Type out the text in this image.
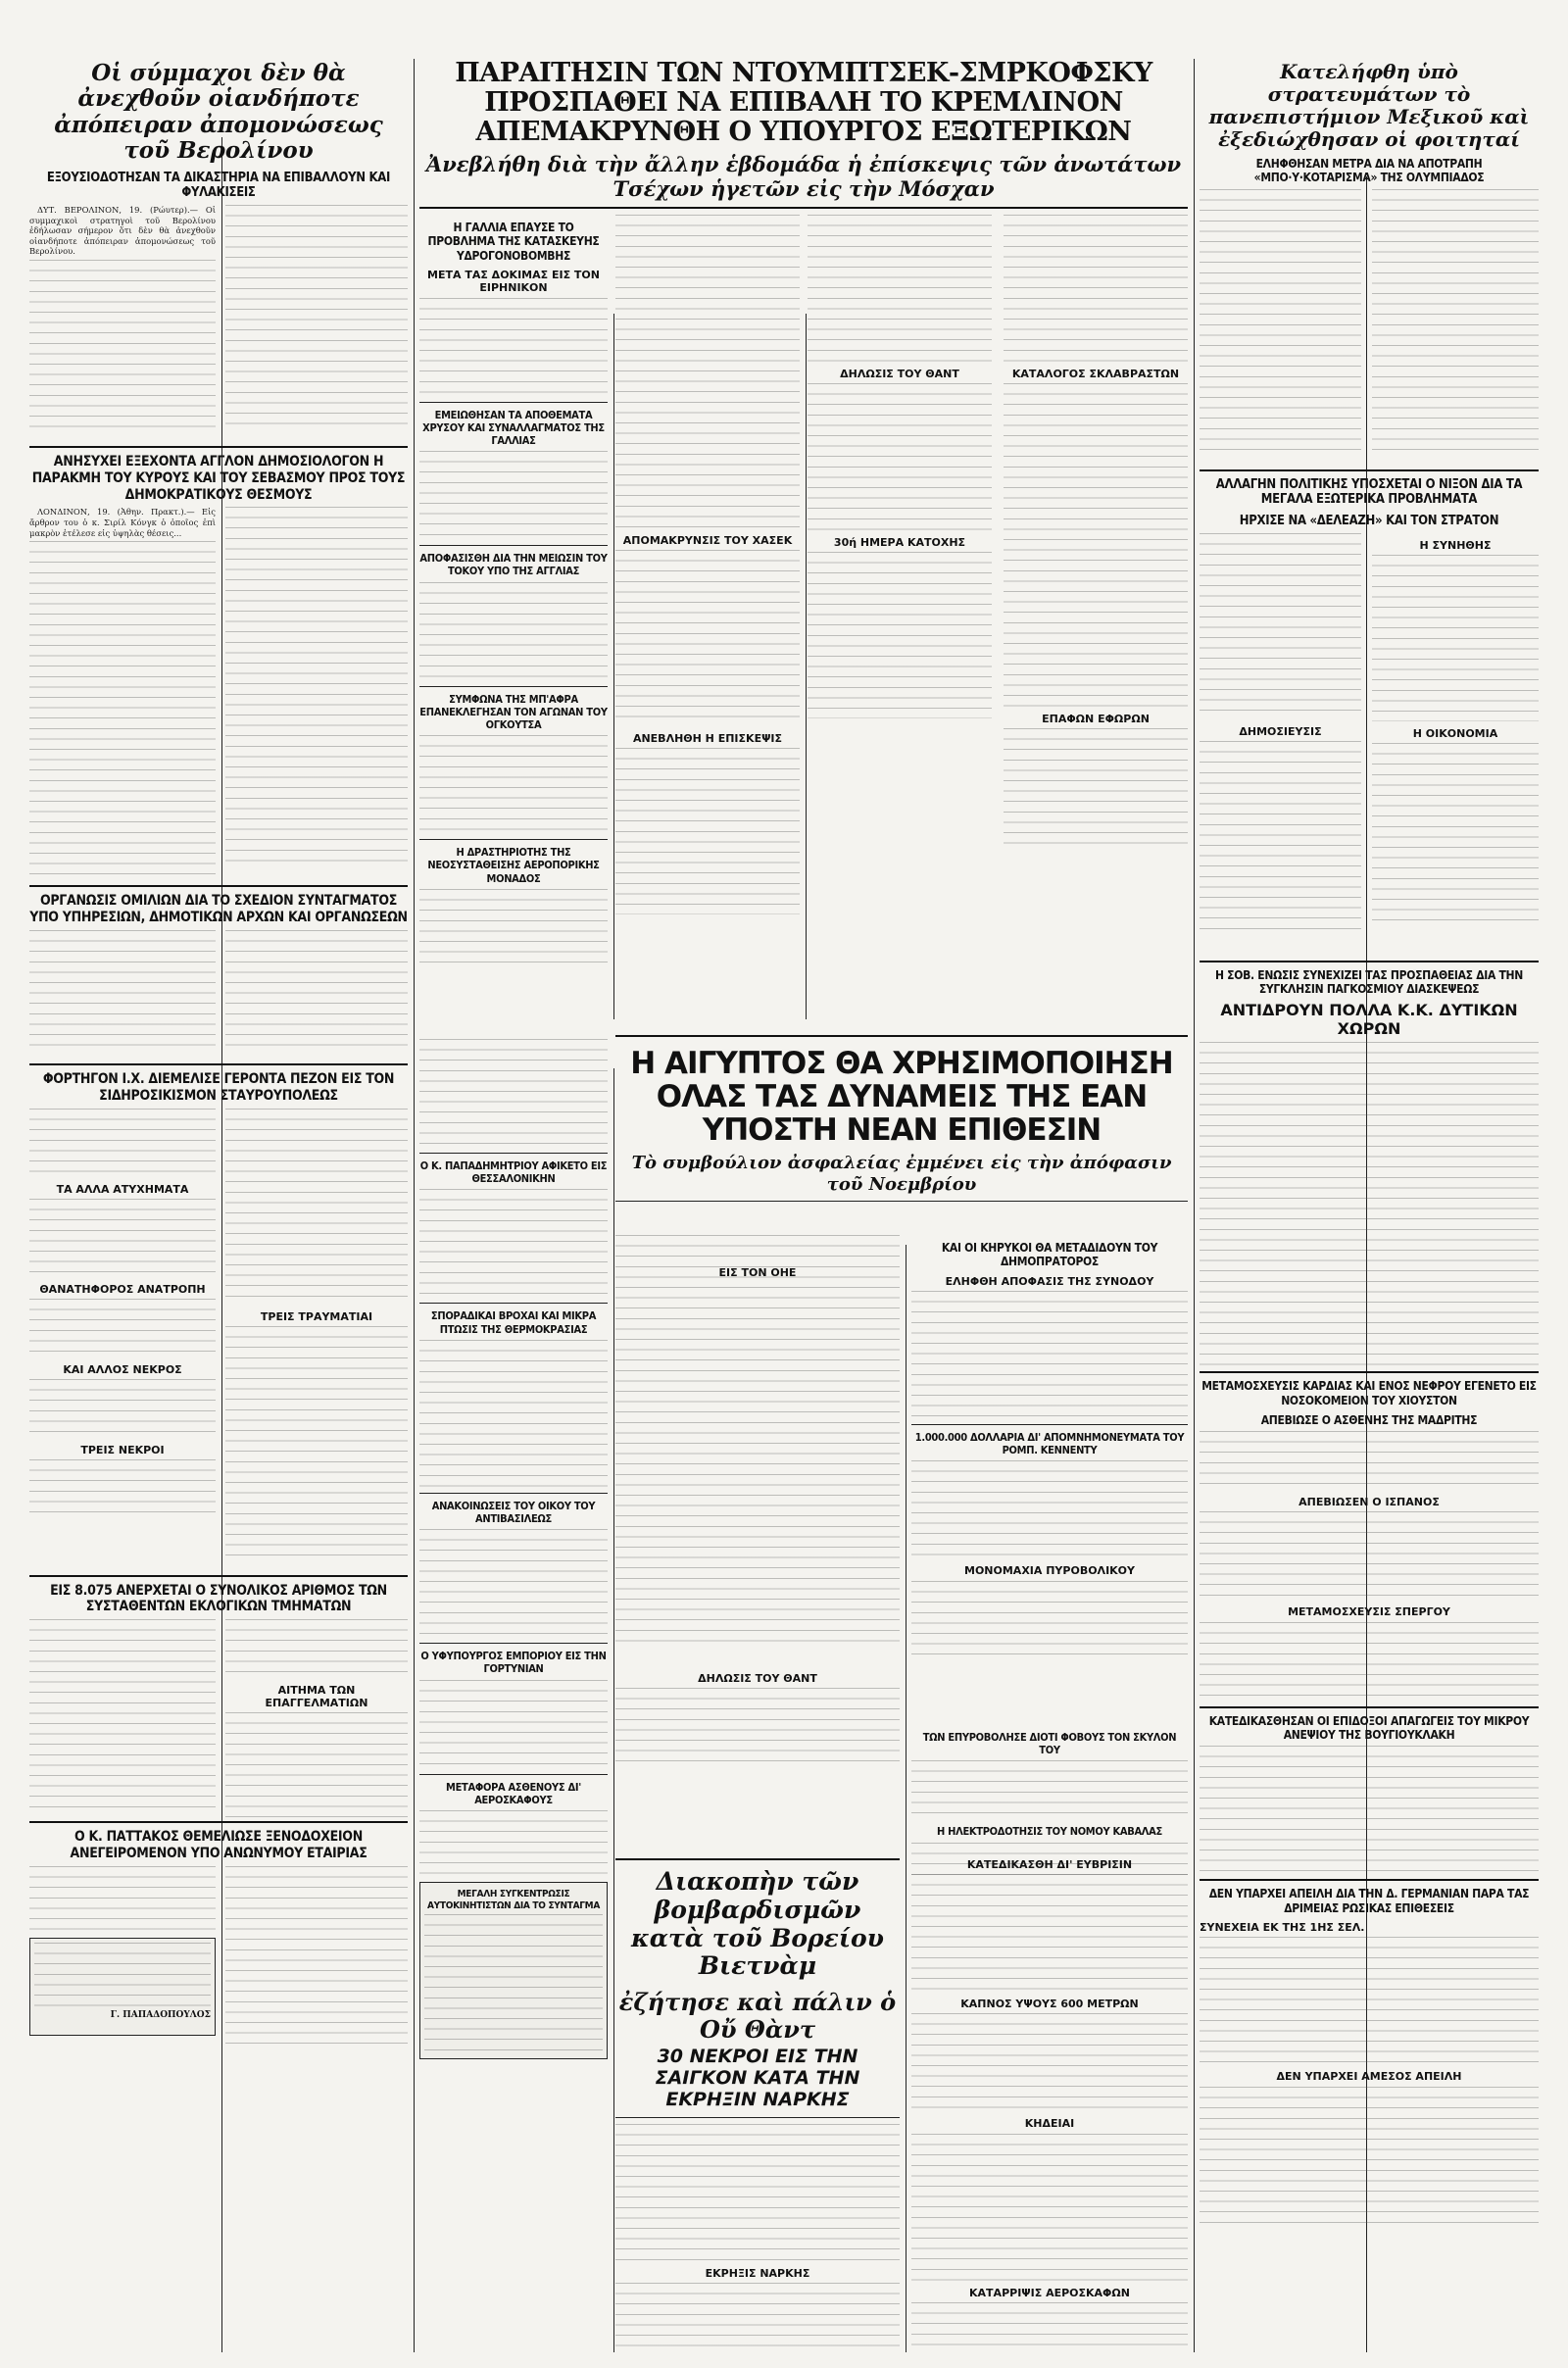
Οἱ σύμμαχοι δὲν θὰ ἀνεχθοῦν οἱανδήποτε ἀπόπειραν ἀπομονώσεως τοῦ Βερολίνου
ΕΞΟΥΣΙΟΔΟΤΗΣΑΝ ΤΑ ΔΙΚΑΣΤΗΡΙΑ ΝΑ ΕΠΙΒΑΛΛΟΥΝ ΚΑΙ ΦΥΛΑΚΙΣΕΙΣ

ΔΥΤ. ΒΕΡΟΛΙΝΟΝ, 19. (Ρώυτερ).— Οἱ συμμαχικοὶ στρατηγοὶ τοῦ Βερολίνου ἐδήλωσαν σήμερον ὅτι δὲν θὰ ἀνεχθοῦν οἱανδήποτε ἀπόπειραν ἀπομονώσεως τοῦ Βερολίνου.

ΑΝΗΣΥΧΕΙ ΕΞΕΧΟΝΤΑ ΑΓΓΛΟΝ ΔΗΜΟΣΙΟΛΟΓΟΝ Η ΠΑΡΑΚΜΗ ΤΟΥ ΚΥΡΟΥΣ ΚΑΙ ΤΟΥ ΣΕΒΑΣΜΟΥ ΠΡΟΣ ΤΟΥΣ ΔΗΜΟΚΡΑΤΙΚΟΥΣ ΘΕΣΜΟΥΣ

ΛΟΝΔΙΝΟΝ, 19. (Ἀθην. Πρακτ.).— Εἰς ἄρθρον του ὁ κ. Σιρίλ Κόνγκ ὁ ὁποῖος ἐπὶ μακρὸν ἐτέλεσε εἰς ὑψηλὰς θέσεις...

ΟΡΓΑΝΩΣΙΣ ΟΜΙΛΙΩΝ ΔΙΑ ΤΟ ΣΧΕΔΙΟΝ ΣΥΝΤΑΓΜΑΤΟΣ ΥΠΟ ΥΠΗΡΕΣΙΩΝ, ΔΗΜΟΤΙΚΩΝ ΑΡΧΩΝ ΚΑΙ ΟΡΓΑΝΩΣΕΩΝ
ΦΟΡΤΗΓΟΝ Ι.Χ. ΔΙΕΜΕΛΙΣΕ ΓΕΡΟΝΤΑ ΠΕΖΟΝ ΕΙΣ ΤΟΝ ΣΙΔΗΡΟΣΙΚΙΣΜΟΝ ΣΤΑΥΡΟΥΠΟΛΕΩΣ
ΤΑ ΑΛΛΑ ΑΤΥΧΗΜΑΤΑ
ΘΑΝΑΤΗΦΟΡΟΣ ΑΝΑΤΡΟΠΗ
ΚΑΙ ΑΛΛΟΣ ΝΕΚΡΟΣ
ΤΡΕΙΣ ΝΕΚΡΟΙ
ΤΡΕΙΣ ΤΡΑΥΜΑΤΙΑΙ
ΕΙΣ 8.075 ΑΝΕΡΧΕΤΑΙ Ο ΣΥΝΟΛΙΚΟΣ ΑΡΙΘΜΟΣ ΤΩΝ ΣΥΣΤΑΘΕΝΤΩΝ ΕΚΛΟΓΙΚΩΝ ΤΜΗΜΑΤΩΝ
ΑΙΤΗΜΑ ΤΩΝ ΕΠΑΓΓΕΛΜΑΤΙΩΝ
Ο Κ. ΠΑΤΤΑΚΟΣ ΘΕΜΕΛΙΩΣΕ ΞΕΝΟΔΟΧΕΙΟΝ ΑΝΕΓΕΙΡΟΜΕΝΟΝ ΥΠΟ ΑΝΩΝΥΜΟΥ ΕΤΑΙΡΙΑΣ
Γ. ΠΑΠΑΔΟΠΟΥΛΟΣ
ΠΑΡΑΙΤΗΣΙΝ ΤΩΝ ΝΤΟΥΜΠΤΣΕΚ-ΣΜΡΚΟΦΣΚΥ
ΠΡΟΣΠΑΘΕΙ ΝΑ ΕΠΙΒΑΛΗ ΤΟ ΚΡΕΜΛΙΝΟΝ
ΑΠΕΜΑΚΡΥΝΘΗ Ο ΥΠΟΥΡΓΟΣ ΕΞΩΤΕΡΙΚΩΝ
Ἀνεβλήθη διὰ τὴν ἄλλην ἑβδομάδα ἡ ἐπίσκεψις τῶν ἀνωτάτων Τσέχων ἡγετῶν εἰς τὴν Μόσχαν
Η ΓΑΛΛΙΑ ΕΠΑΥΣΕ ΤΟ ΠΡΟΒΛΗΜΑ ΤΗΣ ΚΑΤΑΣΚΕΥΗΣ ΥΔΡΟΓΟΝΟΒΟΜΒΗΣ
ΜΕΤΑ ΤΑΣ ΔΟΚΙΜΑΣ ΕΙΣ ΤΟΝ ΕΙΡΗΝΙΚΟΝ
ΕΜΕΙΩΘΗΣΑΝ ΤΑ ΑΠΟΘΕΜΑΤΑ ΧΡΥΣΟΥ ΚΑΙ ΣΥΝΑΛΛΑΓΜΑΤΟΣ ΤΗΣ ΓΑΛΛΙΑΣ
ΑΠΟΦΑΣΙΣΘΗ ΔΙΑ ΤΗΝ ΜΕΙΩΣΙΝ ΤΟΥ ΤΟΚΟΥ ΥΠΟ ΤΗΣ ΑΓΓΛΙΑΣ
ΣΥΜΦΩΝΑ ΤΗΣ ΜΠ'ΑΦΡΑ ΕΠΑΝΕΚΛΕΓΗΣΑΝ ΤΟΝ ΑΓΩΝΑΝ ΤΟΥ ΟΓΚΟΥΤΣΑ
Η ΔΡΑΣΤΗΡΙΟΤΗΣ ΤΗΣ ΝΕΟΣΥΣΤΑΘΕΙΣΗΣ ΑΕΡΟΠΟΡΙΚΗΣ ΜΟΝΑΔΟΣ
ΑΠΟΜΑΚΡΥΝΣΙΣ ΤΟΥ ΧΑΣΕΚ
ΑΝΕΒΛΗΘΗ Η ΕΠΙΣΚΕΨΙΣ
ΔΗΛΩΣΙΣ ΤΟΥ ΘΑΝΤ
30ή ΗΜΕΡΑ ΚΑΤΟΧΗΣ
ΚΑΤΑΛΟΓΟΣ ΣΚΛΑΒΡΑΣΤΩΝ
ΕΠΑΦΩΝ ΕΦΩΡΩΝ
Η ΑΙΓΥΠΤΟΣ ΘΑ ΧΡΗΣΙΜΟΠΟΙΗΣΗ ΟΛΑΣ ΤΑΣ ΔΥΝΑΜΕΙΣ ΤΗΣ ΕΑΝ ΥΠΟΣΤΗ ΝΕΑΝ ΕΠΙΘΕΣΙΝ
Τὸ συμβούλιον ἀσφαλείας ἐμμένει εἰς τὴν ἀπόφασιν τοῦ Νοεμβρίου
Ο Κ. ΠΑΠΑΔΗΜΗΤΡΙΟΥ ΑΦΙΚΕΤΟ ΕΙΣ ΘΕΣΣΑΛΟΝΙΚΗΝ
ΣΠΟΡΑΔΙΚΑΙ ΒΡΟΧΑΙ ΚΑΙ ΜΙΚΡΑ ΠΤΩΣΙΣ ΤΗΣ ΘΕΡΜΟΚΡΑΣΙΑΣ
ΑΝΑΚΟΙΝΩΣΕΙΣ ΤΟΥ ΟΙΚΟΥ ΤΟΥ ΑΝΤΙΒΑΣΙΛΕΩΣ
Ο ΥΦΥΠΟΥΡΓΟΣ ΕΜΠΟΡΙΟΥ ΕΙΣ ΤΗΝ ΓΟΡΤΥΝΙΑΝ
ΜΕΤΑΦΟΡΑ ΑΣΘΕΝΟΥΣ ΔΙ' ΑΕΡΟΣΚΑΦΟΥΣ
ΜΕΓΑΛΗ ΣΥΓΚΕΝΤΡΩΣΙΣ ΑΥΤΟΚΙΝΗΤΙΣΤΩΝ ΔΙΑ ΤΟ ΣΥΝΤΑΓΜΑ
ΚΑΙ ΟΙ ΚΗΡΥΚΟΙ ΘΑ ΜΕΤΑΔΙΔΟΥΝ ΤΟΥ ΔΗΜΟΠΡΑΤΟΡΟΣ
ΕΛΗΦΘΗ ΑΠΟΦΑΣΙΣ ΤΗΣ ΣΥΝΟΔΟΥ
1.000.000 ΔΟΛΛΑΡΙΑ ΔΙ' ΑΠΟΜΝΗΜΟΝΕΥΜΑΤΑ ΤΟΥ ΡΟΜΠ. ΚΕΝΝΕΝΤΥ
ΜΟΝΟΜΑΧΙΑ ΠΥΡΟΒΟΛΙΚΟΥ
ΕΙΣ ΤΟΝ ΟΗΕ
ΔΗΛΩΣΙΣ ΤΟΥ ΘΑΝΤ
ΤΩΝ ΕΠΥΡΟΒΟΛΗΣΕ ΔΙΟΤΙ ΦΟΒΟΥΣ ΤΟΝ ΣΚΥΛΟΝ ΤΟΥ
Η ΗΛΕΚΤΡΟΔΟΤΗΣΙΣ ΤΟΥ ΝΟΜΟΥ ΚΑΒΑΛΑΣ
Διακοπὴν τῶν βομβαρδισμῶν κατὰ τοῦ Βορείου Βιετνὰμ
ἐζήτησε καὶ πάλιν ὁ Οὔ Θὰντ
30 ΝΕΚΡΟΙ ΕΙΣ ΤΗΝ ΣΑΙΓΚΟΝ ΚΑΤΑ ΤΗΝ ΕΚΡΗΞΙΝ ΝΑΡΚΗΣ
ΕΚΡΗΞΙΣ ΝΑΡΚΗΣ
ΚΑΤΕΔΙΚΑΣΘΗ ΔΙ' ΕΥΒΡΙΣΙΝ
ΚΑΠΝΟΣ ΥΨΟΥΣ 600 ΜΕΤΡΩΝ
ΚΗΔΕΙΑΙ
ΚΑΤΑΡΡΙΨΙΣ ΑΕΡΟΣΚΑΦΩΝ
Κατελήφθη ὑπὸ στρατευμάτων τὸ πανεπιστήμιον Μεξικοῦ καὶ ἐξεδιώχθησαν οἱ φοιτηταί
ΕΛΗΦΘΗΣΑΝ ΜΕΤΡΑ ΔΙΑ ΝΑ ΑΠΟΤΡΑΠΗ «ΜΠΟ·Υ·ΚΟΤΑΡΙΣΜΑ» ΤΗΣ ΟΛΥΜΠΙΑΔΟΣ
ΑΛΛΑΓΗΝ ΠΟΛΙΤΙΚΗΣ ΥΠΟΣΧΕΤΑΙ Ο ΝΙΞΟΝ ΔΙΑ ΤΑ ΜΕΓΑΛΑ ΕΞΩΤΕΡΙΚΑ ΠΡΟΒΛΗΜΑΤΑ
ΗΡΧΙΣΕ ΝΑ «ΔΕΛΕΑΖΗ» ΚΑΙ ΤΟΝ ΣΤΡΑΤΟΝ
ΔΗΜΟΣΙΕΥΣΙΣ
Η ΣΥΝΗΘΗΣ
Η ΟΙΚΟΝΟΜΙΑ
Η ΣΟΒ. ΕΝΩΣΙΣ ΣΥΝΕΧΙΖΕΙ ΤΑΣ ΠΡΟΣΠΑΘΕΙΑΣ ΔΙΑ ΤΗΝ ΣΥΓΚΛΗΣΙΝ ΠΑΓΚΟΣΜΙΟΥ ΔΙΑΣΚΕΨΕΩΣ
ΑΝΤΙΔΡΟΥΝ ΠΟΛΛΑ Κ.Κ. ΔΥΤΙΚΩΝ ΧΩΡΩΝ
ΜΕΤΑΜΟΣΧΕΥΣΙΣ ΚΑΡΔΙΑΣ ΚΑΙ ΕΝΟΣ ΝΕΦΡΟΥ ΕΓΕΝΕΤΟ ΕΙΣ ΝΟΣΟΚΟΜΕΙΟΝ ΤΟΥ ΧΙΟΥΣΤΟΝ
ΑΠΕΒΙΩΣΕ Ο ΑΣΘΕΝΗΣ ΤΗΣ ΜΑΔΡΙΤΗΣ
ΑΠΕΒΙΩΣΕΝ Ο ΙΣΠΑΝΟΣ
ΜΕΤΑΜΟΣΧΕΥΣΙΣ ΣΠΕΡΓΟΥ
ΚΑΤΕΔΙΚΑΣΘΗΣΑΝ ΟΙ ΕΠΙΔΟΞΟΙ ΑΠΑΓΩΓΕΙΣ ΤΟΥ ΜΙΚΡΟΥ ΑΝΕΨΙΟΥ ΤΗΣ ΒΟΥΓΙΟΥΚΛΑΚΗ
ΔΕΝ ΥΠΑΡΧΕΙ ΑΠΕΙΛΗ ΔΙΑ ΤΗΝ Δ. ΓΕΡΜΑΝΙΑΝ ΠΑΡΑ ΤΑΣ ΔΡΙΜΕΙΑΣ ΡΩΣΙΚΑΣ ΕΠΙΘΕΣΕΙΣ
ΣΥΝΕΧΕΙΑ ΕΚ ΤΗΣ 1ΗΣ ΣΕΛ.
ΔΕΝ ΥΠΑΡΧΕΙ ΑΜΕΣΟΣ ΑΠΕΙΛΗ
